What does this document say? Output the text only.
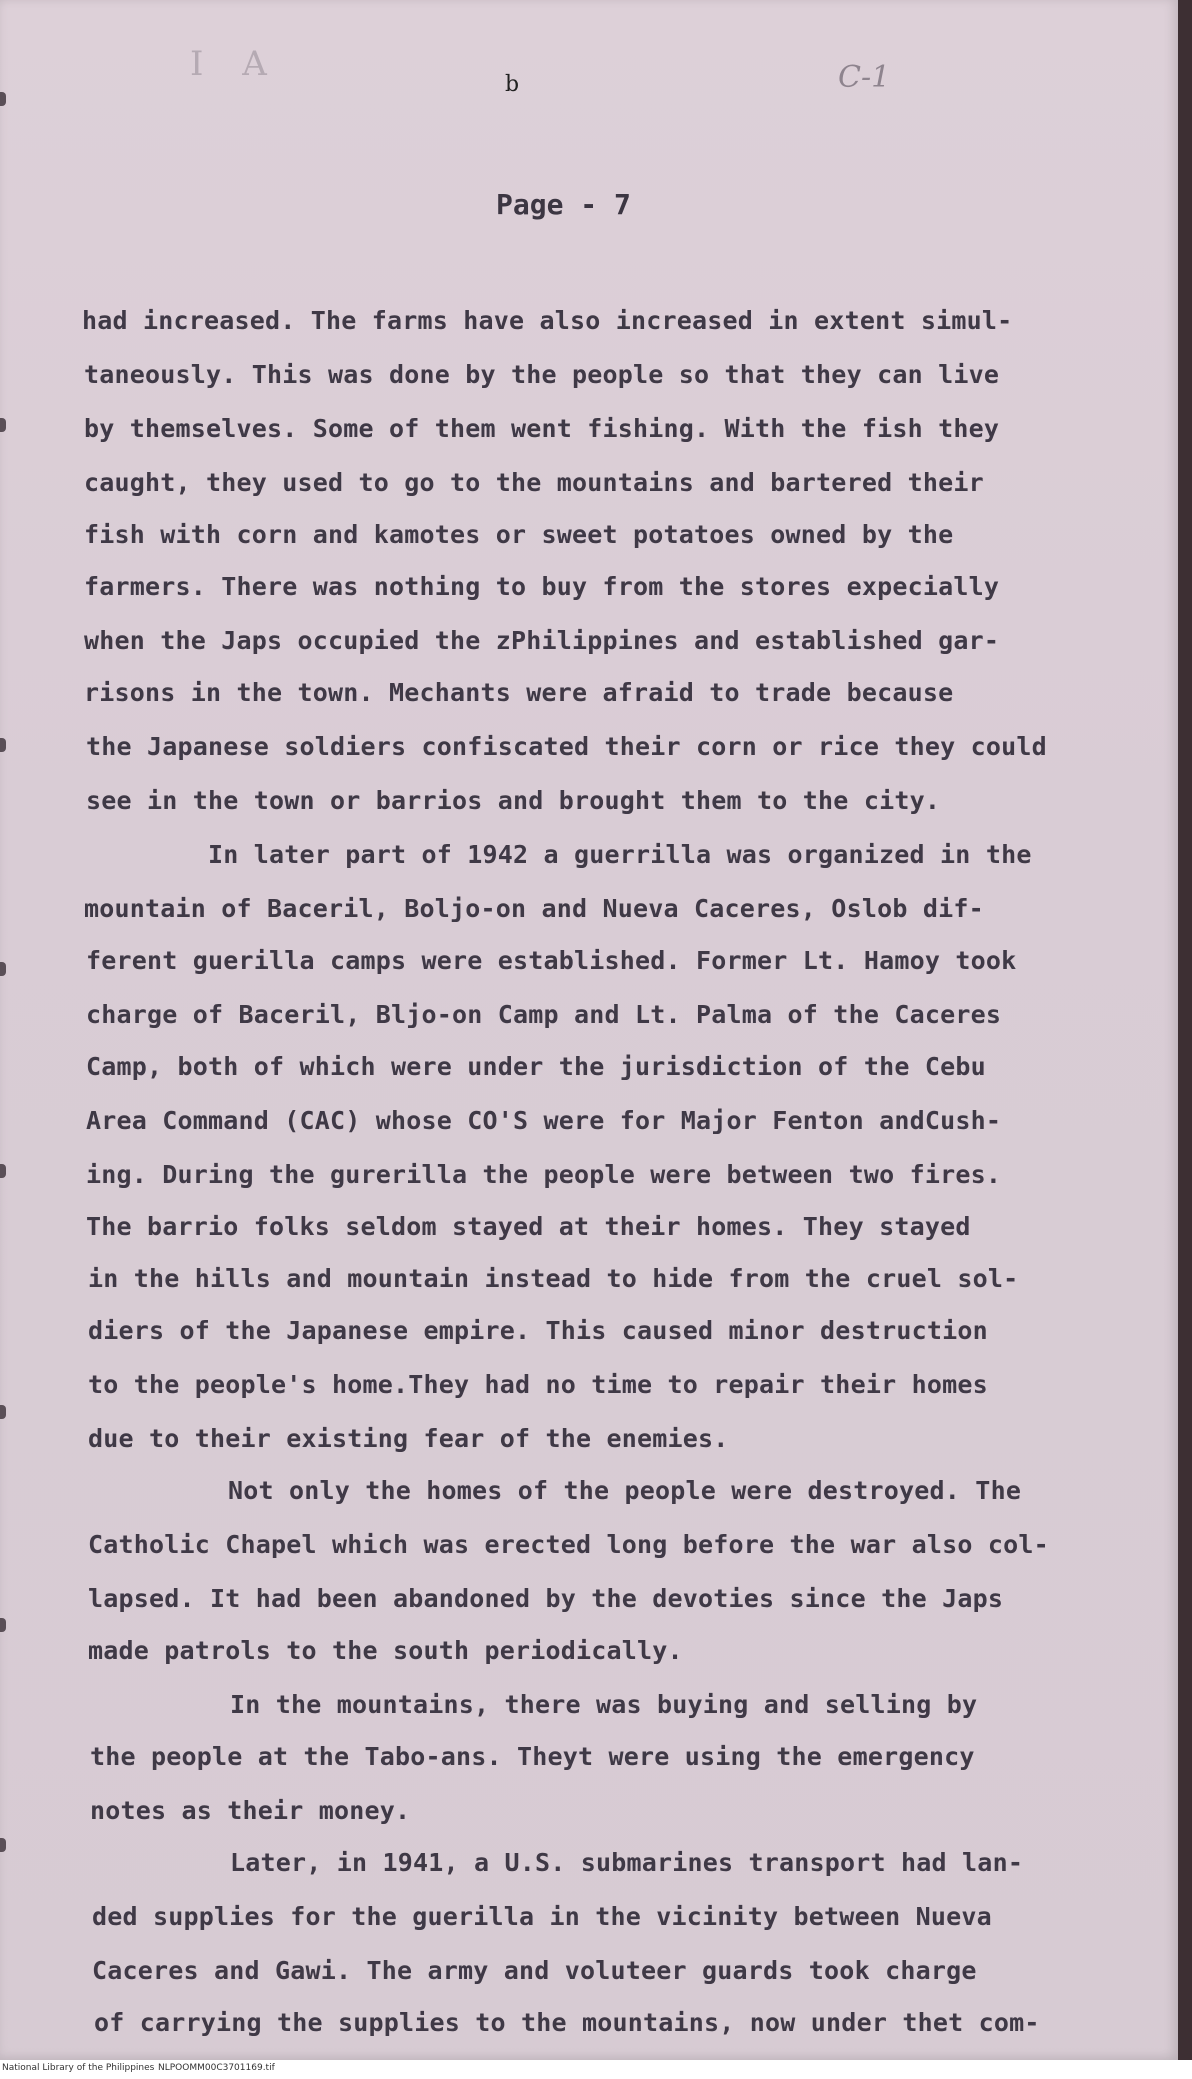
I A
b	C-1
Page - 7
had increased. The farms have also increased in extent simul-
taneously. This was done by the people so that they can live
by themselves. Some of them went fishing. With the fish they
caught, they used to go to the mountains and bartered their
fish with corn and kamotes or sweet potatoes owned by the
farmers. There was nothing to buy from the stores expecially
when the Japs occupied the zPhilippines and established gar-
risons in the town. Mechants were afraid to trade because
the Japanese soldiers confiscated their corn or rice they could
see in the town or barrios and brought them to the city.
In later part of 1942 a guerrilla was organized in the
mountain of Baceril, Boljo-on and Nueva Caceres, Oslob dif-
ferent guerilla camps were established. Former Lt. Hamoy took
charge of Baceril, Bljo-on Camp and Lt. Palma of the Caceres
Camp, both of which were under the jurisdiction of the Cebu
Area Command (CAC) whose CO'S were for Major Fenton andCush-
ing. During the gurerilla the people were between two fires.
The barrio folks seldom stayed at their homes. They stayed
in the hills and mountain instead to hide from the cruel sol-
diers of the Japanese empire. This caused minor destruction
to the people's home.They had no time to repair their homes
due to their existing fear of the enemies.
Not only the homes of the people were destroyed. The
Catholic Chapel which was erected long before the war also col-
lapsed. It had been abandoned by the devoties since the Japs
made patrols to the south periodically.
In the mountains, there was buying and selling by
the people at the Tabo-ans. Theyt were using the emergency
notes as their money.
Later, in 1941, a U.S. submarines transport had lan-
ded supplies for the guerilla in the vicinity between Nueva
Caceres and Gawi. The army and voluteer guards took charge
of carrying the supplies to the mountains, now under thet com-
National Library of the Philippines NLPOOMM00C3701169.tif
